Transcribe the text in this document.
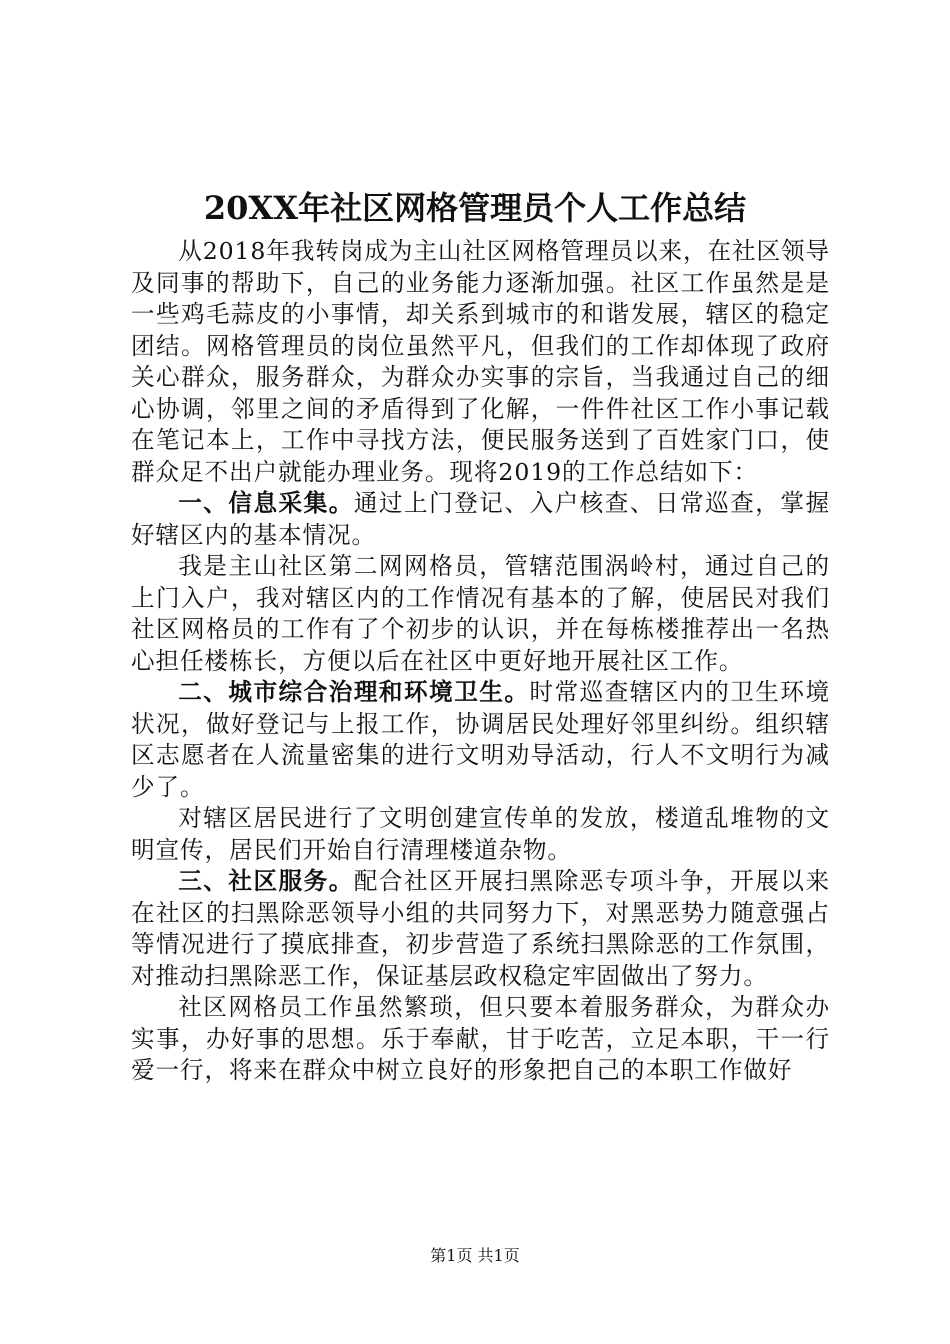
20XX年社区网格管理员个人工作总结

从2018年我转岗成为主山社区网格管理员以来，在社区领导及同事的帮助下，自己的业务能力逐渐加强。社区工作虽然是是一些鸡毛蒜皮的小事情，却关系到城市的和谐发展，辖区的稳定团结。网格管理员的岗位虽然平凡，但我们的工作却体现了政府关心群众，服务群众，为群众办实事的宗旨，当我通过自己的细心协调，邻里之间的矛盾得到了化解，一件件社区工作小事记载在笔记本上，工作中寻找方法，便民服务送到了百姓家门口，使群众足不出户就能办理业务。现将2019的工作总结如下：

一、信息采集。通过上门登记、入户核查、日常巡查，掌握好辖区内的基本情况。

我是主山社区第二网网格员，管辖范围涡岭村，通过自己的上门入户，我对辖区内的工作情况有基本的了解，使居民对我们社区网格员的工作有了个初步的认识，并在每栋楼推荐出一名热心担任楼栋长，方便以后在社区中更好地开展社区工作。

二、城市综合治理和环境卫生。时常巡查辖区内的卫生环境状况，做好登记与上报工作，协调居民处理好邻里纠纷。组织辖区志愿者在人流量密集的进行文明劝导活动，行人不文明行为减少了。

对辖区居民进行了文明创建宣传单的发放，楼道乱堆物的文明宣传，居民们开始自行清理楼道杂物。

三、社区服务。配合社区开展扫黑除恶专项斗争，开展以来在社区的扫黑除恶领导小组的共同努力下，对黑恶势力随意强占等情况进行了摸底排查，初步营造了系统扫黑除恶的工作氛围，对推动扫黑除恶工作，保证基层政权稳定牢固做出了努力。

社区网格员工作虽然繁琐，但只要本着服务群众，为群众办实事，办好事的思想。乐于奉献，甘于吃苦，立足本职，干一行爱一行，将来在群众中树立良好的形象把自己的本职工作做好

第1页 共1页
